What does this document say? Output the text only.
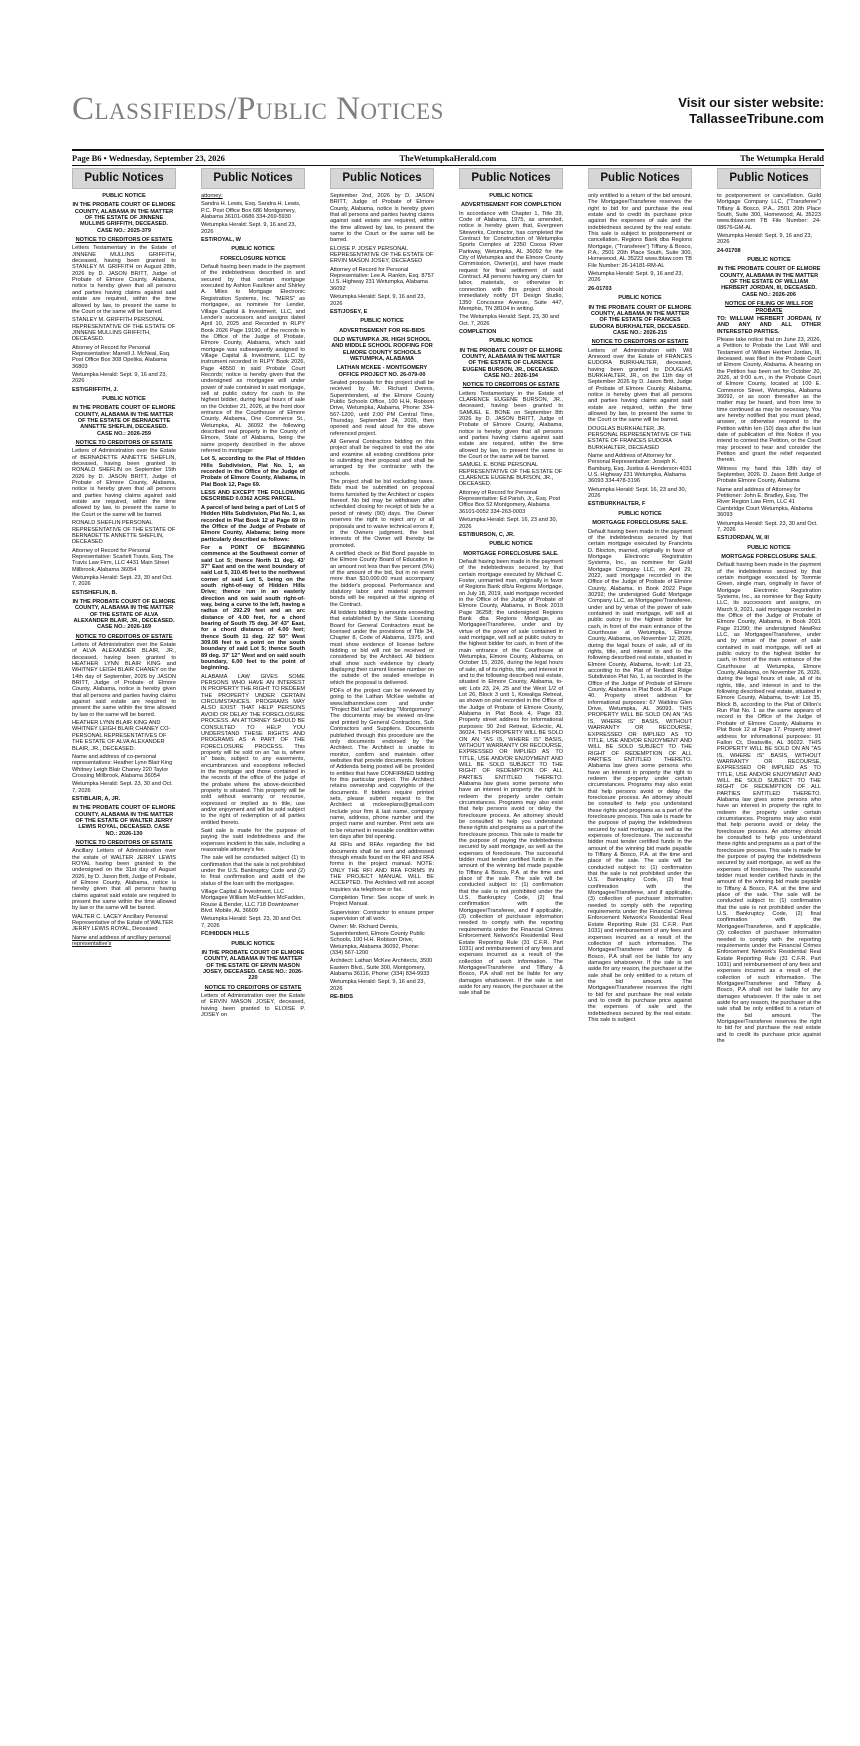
Classifieds/Public Notices	Visit our sister website:
TallasseeTribune.com
Page B6 • Wednesday, September 23, 2026	TheWetumpkaHerald.com	The Wetumpka Herald
Public Notices

PUBLIC NOTICE

IN THE PROBATE COURT OF ELMORE COUNTY, ALABAMA IN THE MATTER OF THE ESTATE OF JINNENE MULLINS GRIFFITH, DECEASED. CASE NO.: 2025-379

NOTICE TO CREDITORS OF ESTATE

Letters Testamentary in the Estate of JINNENE MULLINS GRIFFITH, deceased, having been granted to STANLEY M. GRIFFITH on August 28th, 2026 by D. JASON BRITT, Judge of Probate of Elmore County, Alabama, notice is hereby given that all persons and parties having claims against said estate are required, within the time allowed by law, to present the same to the Court or the same will be barred.

STANLEY M. GRIFFITH PERSONAL REPRESENTATIVE OF THE ESTATE OF JINNENE MULLINS GRIFFITH, DECEASED.

Attorney of Record for Personal Representative: Marrell J. McNeal, Esq. Post Office Box 308 Opelika, Alabama 36803

Wetumpka Herald: Sept. 9, 16 and 23, 2026

EST/GRIFFITH, J.

PUBLIC NOTICE

IN THE PROBATE COURT OF ELMORE COUNTY, ALABAMA IN THE MATTER OF THE ESTATE OF BERNADETTE ANNETTE SHEFLIN, DECEASED. CASE NO.: 2026-259

NOTICE TO CREDITORS OF ESTATE

Letters of Administration over the Estate of BERNADETTE ANNETTE SHEFLIN, deceased, having been granted to RONALD SHEFLIN on September 15th 2026 by D. JASON BRITT, Judge of Probate of Elmore County, Alabama, notice is hereby given that all persons and parties having claims against said estate are required, within the time allowed by law, to present the same to the Court or the same will be barred.

RONALD SHEFLIN PERSONAL REPRESENTATIVE OF THE ESTATE OF BERNADETTE ANNETTE SHEFLIN, DECEASED

Attorney of Record for Personal Representative: Scarlett Travis, Esq. The Travis Law Firm, LLC 4431 Main Street Millbrook, Alabama 36054

Wetumpka Herald: Sept. 23, 30 and Oct. 7, 2026

EST/SHEFLIN, B.

IN THE PROBATE COURT OF ELMORE COUNTY, ALABAMA IN THE MATTER OF THE ESTATE OF ALVA ALEXANDER BLAIR, JR., DECEASED. CASE NO.: 2026-169

NOTICE TO CREDITORS OF ESTATE

Letters of Administration over the Estate of ALVA ALEXANDER BLAIR, JR., deceased, having been granted to HEATHER LYNN BLAIR KING and WHITNEY LEIGH BLAIR CHANEY on the 14th day of September, 2026 by JASON BRITT, Judge of Probate of Elmore County, Alabama, notice is hereby given that all persons and parties having claims against said estate are required to present the same within the time allowed by law or the same will be barred.

HEATHER LYNN BLAIR KING AND WHITNEY LEIGH BLAIR CHANEY CO-PERSONAL REPRESENTATIVES OF THE ESTATE OF ALVA ALEXANDER BLAIR, JR., DECEASED.

Name and address of co-personal representatives: Heather Lynn Blair King Whitney Leigh Blair Chaney 220 Taylor Crossing Millbrook, Alabama 36054

Wetumpka Herald: Sept. 23, 30 and Oct. 7, 2026

EST/BLAIR, A, JR.

IN THE PROBATE COURT OF ELMORE COUNTY, ALABAMA IN THE MATTER OF THE ESTATE OF WALTER JERRY LEWIS ROYAL, DECEASED. CASE NO.: 2026-130

NOTICE TO CREDITORS OF ESTATE

Ancillary Letters of Administration over the estate of WALTER JERRY LEWIS ROYAL having been granted to the undersigned on the 31st day of August 2026, by D. Jason Britt, Judge of Probate, of Elmore County, Alabama, notice is hereby given that all persons having claims against said estate are required to present the same within the time allowed by law or the same will be barred.

WALTER C. LACEY Ancillary Personal Representative of the Estate of WALTER JERRY LEWIS ROYAL, Deceased

Name and address of ancillary personal representative's

Public Notices

attorney:

Sandra H. Lewis, Esq. Sandra H. Lewis, P.C. Post Office Box 686 Montgomery, Alabama 36101-0686 334-269-5930

Wetumpka Herald: Sept. 9, 16 and 23, 2026

EST/ROYAL, W

PUBLIC NOTICE

FORECLOSURE NOTICE

Default having been made in the payment of the indebtedness described in and secured by that certain mortgage executed by Ashton Faulkner and Shirley A. Miles to Mortgage Electronic Registration Systems, Inc. "MERS" as mortgagee, as nominee for Lender, Village Capital & Investment, LLC, and Lender's successors and assigns dated April 10, 2025 and Recorded in RLPY Book 2026 Page 19190, of the records in the Office of the Judge of Probate, Elmore County, Alabama, which said mortgage was subsequently assigned to Village Capital & Investment, LLC by instrument recorded in RLPY Book 2026, Page 48550 in said Probate Court Records; notice is hereby given that the undersigned as mortgagee will under power of sale contained in said mortgage, sell at public outcry for cash to the highest bidder, during legal hours of sale on the October 21, 2026, at the front door entrance of the Courthouse of Elmore County, Alabama, One Commerce St., Wetumpka, AL 36092 the following described real property in the County of Elmore, State of Alabama, being the same property described in the above referred to mortgage:

Lot 5, according to the Plat of Hidden Hills Subdivision, Plat No. 1, as recorded in the Office of the Judge of Probate of Elmore County, Alabama, in Plat Book 12, Page 69.

LESS AND EXCEPT THE FOLLOWING DESCRIBED 0.0362 ACRE PARCEL.

A parcel of land being a part of Lot 5 of Hidden Hills Subdivision, Plat No. 1, as recorded in Plat Book 12 at Page 69 in the Office of the Judge of Probate of Elmore County, Alabama; being more particularly described as follows:

For a POINT OF BEGINNING commence at the Southwest corner of said Lot 5; thence North 11 deg. 43' 37" East and on the west boundary of said Lot 5, 310.45 feet to the northwest corner of said Lot 5, being on the south right-of-way of Hidden Hills Drive; thence run in an easterly direction and on said south right-of-way, being a curve to the left, having a radius of 292.29 feet and an arc distance of 4.00 feet, for a chord bearing of South 75 deg. 34' 43" East, for a chord distance of 4.00 feet; thence South 11 deg. 22' 50" West 309.08 feet to a point on the south boundary of said Lot 5; thence South 89 deg. 37' 12" West and on said south boundary, 6.00 feet to the point of beginning.

ALABAMA LAW GIVES SOME PERSONS WHO HAVE AN INTEREST IN PROPERTY THE RIGHT TO REDEEM THE PROPERTY UNDER CERTAIN CIRCUMSTANCES. PROGRAMS MAY ALSO EXIST THAT HELP PERSONS AVOID OR DELAY THE FORECLOSURE PROCESS. AN ATTORNEY SHOULD BE CONSULTED TO HELP YOU UNDERSTAND THESE RIGHTS AND PROGRAMS AS A PART OF THE FORECLOSURE PROCESS. This property will be sold on an "as is, where is" basis, subject to any easements, encumbrances and exceptions reflected in the mortgage and those contained in the records of the office of the judge of the probate where the above-described property is situated. This property will be sold without warranty or recourse, expressed or implied as to title, use and/or enjoyment and will be sold subject to the right of redemption of all parties entitled thereto.

Said sale is made for the purpose of paying the said indebtedness and the expenses incident to this sale, including a reasonable attorney's fee.

The sale will be conducted subject (1) to confirmation that the sale is not prohibited under the U.S. Bankruptcy Code and (2) to final confirmation and audit of the status of the loan with the mortgagee.

Village Capital & Investment, LLC Mortgagee William McFadden McFadden, Rouse & Bender, LLC 718 Downtowner Blvd. Mobile, AL 36609

Wetumpka Herald: Sept. 23, 30 and Oct. 7, 2026

FC/HIDDEN HILLS

PUBLIC NOTICE

IN THE PROBATE COURT OF ELMORE COUNTY, ALABAMA IN THE MATTER OF THE ESTATE OF ERVIN MASON JOSEY, DECEASED. CASE NO.: 2026-220

NOTICE TO CREDITORS OF ESTATE

Letters of Administration over the Estate of ERVIN MASON JOSEY, deceased, having been granted to ELOISE P. JOSEY on

Public Notices

September 2nd, 2026 by D. JASON BRITT, Judge of Probate of Elmore County, Alabama, notice is hereby given that all persons and parties having claims against said estate are required, within the time allowed by law, to present the same to the Court or the same will be barred.

ELOISE P. JOSEY PERSONAL REPRESENTATIVE OF THE ESTATE OF ERVIN MASON JOSEY, DECEASED

Attorney of Record for Personal Representative: Lee A. Rankin, Esq. 8757 U.S. Highway 231 Wetumpka, Alabama 36092

Wetumpka Herald: Sept. 9, 16 and 23, 2026

EST/JOSEY, E

PUBLIC NOTICE

ADVERTISEMENT FOR RE-BIDS

OLD WETUMPKA JR. HIGH SCHOOL AND MIDDLE SCHOOL ROOFING FOR ELMORE COUNTY SCHOOLS WETUMPKA, ALABAMA

LATHAN MCKEE - MONTGOMERY OFFICE PROJECT NO. 26-079-00

Sealed proposals for this project shall be received by Mr. Richard Dennis, Superintendent, at the Elmore County Public Schools Office, 100 H.H. Robison Drive, Wetumpka, Alabama, Phone: 334-567-1200, until 2:00 PM Central Time, Thursday, September 24, 2026, then opened and read aloud for the above referenced project.

All General Contractors bidding on this project shall be required to visit the site and examine all existing conditions prior to submitting their proposal and shall be arranged by the contractor with the schools.

The project shall be bid excluding taxes. Bids must be submitted on proposal forms furnished by the Architect or copies thereof. No bid may be withdrawn after scheduled closing for receipt of bids for a period of ninety (90) days. The Owner reserves the right to reject any or all proposals and to waive technical errors if, in the Owners judgment, the best interests of the Owner will thereby be promoted.

A certified check or Bid Bond payable to the Elmore County Board of Education in an amount not less than five percent (5%) of the amount of the bid, but in no event more than $10,000.00 must accompany the bidder's proposal. Performance and statutory labor and material payment bonds will be required at the signing of the Contract.

All bidders bidding in amounts exceeding that established by the State Licensing Board for General Contractors must be licensed under the provisions of Title 34, Chapter 8, Code of Alabama, 1975, and must show evidence of license before bidding or bid will not be received or considered by the Architect. All bidders shall show such evidence by clearly displaying their current license number on the outside of the sealed envelope in which the proposal is delivered.

PDFs of the project can be reviewed by going to the Lathan McKee website at www.lathanmckee.com and under "Project Bid List" selecting "Montgomery". The documents may be viewed on-line and printed by General Contractors, Sub Contractors and Suppliers. Documents published through this procedure are the only documents endorsed by the Architect. The Architect is unable to monitor, confirm and maintain other websites that provide documents. Notices of Addenda being posted will be provided to entities that have CONFIRMED bidding for this particular project. The Architect retains ownership and copyrights of the documents. If bidders require printed sets, please submit request to the Architect at mckeeplans@gmail.com Include your firm & last name, company name, address, phone number and the project name and number. Print sets are to be returned in reusable condition within ten days after bid opening.

All RFIs and RFAs regarding the bid documents shall be sent and addressed through emails found on the RFI and RFA forms in the project manual. NOTE: ONLY THE RFI AND RFA FORMS IN THE PROJECT MANUAL WILL BE ACCEPTED. The Architect will not accept inquiries via telephone or fax.

Completion Time: See scope of work in Project Manual.

Supervision: Contractor to ensure proper supervision of all work.

Owner: Mr. Richard Dennis, Superintendent, Elmore County Public Schools, 100 H.H. Robison Drive, Wetumpka, Alabama 36092, Phone: (334) 567-1200

Architect: Lathan McKee Architects, 3500 Eastern Blvd., Suite 300, Montgomery, Alabama 36116, Phone: (334) 834-9933

Wetumpka Herald: Sept. 9, 16 and 23, 2026

RE-BIDS

Public Notices

PUBLIC NOTICE

ADVERTISEMENT FOR COMPLETION

In accordance with Chapter 1, Title 39, Code of Alabama, 1975, as amended, notice is hereby given that, Evergreen Siteworks, Contractor, has completed the Contract for Construction of Wetumpka Sports Complex at 2350 Coosa River Parkway, Wetumpka, AL 36092 for the City of Wetumpka and the Elmore County Commission, Owner(s), and have made request for final settlement of said Contract. All persons having any claim for labor, materials, or otherwise in connection with this project should immediately notify DT Design Studio, 1350 Concourse Avenue, Suite 447, Memphis, TN 38104 in writing.

The Wetumpka Herald: Sept. 23, 30 and Oct. 7, 2026

COMPLETION

PUBLIC NOTICE

IN THE PROBATE COURT OF ELMORE COUNTY, ALABAMA IN THE MATTER OF THE ESTATE OF CLARENCE EUGENE BURSON, JR., DECEASED. CASE NO.: 2026-194

NOTICE TO CREDITORS OF ESTATE

Letters Testamentary in the Estate of CLARENCE EUGENE BURSON, JR., deceased, having been granted to SAMUEL E. BONE on September 8th 2026 by D. JASON BRITT, Judge of Probate of Elmore County, Alabama, notice is hereby given that all persons and parties having claims against said estate are required, within the time allowed by law, to present the same to the Court or the same will be barred.

SAMUEL E. BONE PERSONAL REPRESENTATIVE OF THE ESTATE OF CLARENCE EUGENE BURSON, JR., DECEASED.

Attorney of Record for Personal Representative: Ed Parish, Jr., Esq. Post Office Box 52 Montgomery, Alabama 36101-0052 334-263-0003

Wetumpka Herald: Sept. 16, 23 and 30, 2026

EST/BURSON, C, JR.

PUBLIC NOTICE

MORTGAGE FORECLOSURE SALE.

Default having been made in the payment of the indebtedness secured by that certain mortgage executed by Michael C. Foster, unmarried man, originally in favor of Regions Bank d/b/a Regions Mortgage, on July 18, 2019, said mortgage recorded in the Office of the Judge of Probate of Elmore County, Alabama, in Book 2019 Page 36258; the undersigned Regions Bank dba Regions Mortgage, as Mortgagee/Transferee, under and by virtue of the power of sale contained in said mortgage, will sell at public outcry to the highest bidder for cash, in front of the main entrance of the Courthouse at Wetumpka, Elmore County, Alabama, on October 15, 2026, during the legal hours of sale, all of its rights, title, and interest in and to the following described real estate, situated in Elmore County, Alabama, to-wit: Lots 23, 24, 25 and the West 1/2 of Lot 26, Block 3 unit 1, Kowaliga Retreat, as shown on plat recorded in the Office of the Judge of Probate of Elmore County, Alabama in Plat Book 4, Page 83. Property street address for informational purposes: 90 2nd Retreat, Eclectic, AL 36024. THIS PROPERTY WILL BE SOLD ON AN "AS IS, WHERE IS" BASIS, WITHOUT WARRANTY OR RECOURSE, EXPRESSED OR IMPLIED AS TO TITLE, USE AND/OR ENJOYMENT AND WILL BE SOLD SUBJECT TO THE RIGHT OF REDEMPTION OF ALL PARTIES ENTITLED THERETO. Alabama law gives some persons who have an interest in property the right to redeem the property under certain circumstances. Programs may also exist that help persons avoid or delay the foreclosure process. An attorney should be consulted to help you understand these rights and programs as a part of the foreclosure process. This sale is made for the purpose of paying the indebtedness secured by said mortgage, as well as the expenses of foreclosure. The successful bidder must tender certified funds in the amount of the winning bid made payable to Tiffany & Bosco, P.A. at the time and place of the sale. The sale will be conducted subject to: (1) confirmation that the sale is not prohibited under the U.S. Bankruptcy Code, (2) final confirmation with the Mortgagee/Transferee, and if applicable, (3) collection of purchaser information needed to comply with the reporting requirements under the Financial Crimes Enforcement Network's Residential Real Estate Reporting Rule (31 C.F.R. Part 1031) and reimbursement of any fees and expenses incurred as a result of the collection of such information. The Mortgagee/Transferee and Tiffany & Bosco, P.A shall not be liable for any damages whatsoever. If the sale is set aside for any reason, the purchaser at the sale shall be

Public Notices

only entitled to a return of the bid amount. The Mortgagee/Transferee reserves the right to bid for and purchase the real estate and to credit its purchase price against the expenses of sale and the indebtedness secured by the real estate. This sale is subject to postponement or cancellation. Regions Bank dba Regions Mortgage, ("Transferee") Tiffany & Bosco, P.A., 2501 20th Place South, Suite 300, Homewood, AL 35223 www.tblaw.com TB File Number: 26-14181-RM-AL

Wetumpka Herald: Sept. 9, 16 and 23, 2026

26-01703

PUBLIC NOTICE

IN THE PROBATE COURT OF ELMORE COUNTY, ALABAMA IN THE MATTER OF THE ESTATE OF FRANCES EUDORA BURKHALTER, DECEASED. CASE NO.: 2026-215

NOTICE TO CREDITORS OF ESTATE

Letters of Administration with Will Annexed over the Estate of FRANCES EUDORA BURKHALTER, deceased, having been granted to DOUGLAS BURKHALTER, JR., on the 11th day of September 2026 by D. Jason Britt, Judge of Probate of Elmore County, Alabama, notice is hereby given that all persons and parties having claims against said estate are required, within the time allowed by law, to present the same to the Court or the same will be barred.

DOUGLAS BURKHALTER, JR. PERSONAL REPRESENTATIVE OF THE ESTATE OF FRANCES EUDORA BURKHALTER, DECEASED

Name and Address of Attorney for Personal Representative: Joseph K. Bamburg, Esq. Justiss & Henderson 4031 U.S. Highway 231 Wetumpka, Alabama 36093 334-478-3196

Wetumpka Herald: Sept. 16, 23 and 30, 2026

EST/BURKHALTER, F

PUBLIC NOTICE

MORTGAGE FORECLOSURE SALE.

Default having been made in the payment of the indebtedness secured by that certain mortgage executed by Francinta D. Blocton, married, originally in favor of Mortgage Electronic Registration Systems, Inc., as nominee for Guild Mortgage Company LLC, on April 29, 2022, said mortgage recorded in the Office of the Judge of Probate of Elmore County, Alabama, in Book 2022 Page 30292; the undersigned Guild Mortgage Company LLC, as Mortgagee/Transferee, under and by virtue of the power of sale contained in said mortgage, will sell at public outcry to the highest bidder for cash, in front of the main entrance of the Courthouse at Wetumpka, Elmore County, Alabama, on November 12, 2026, during the legal hours of sale, all of its rights, title, and interest in and to the following described real estate, situated in Elmore County, Alabama, to-wit: Lot 23, according to the Plat of Redland Ridge Subdivision Plat No. 1, as recorded in the Office of the Judge of Probate of Elmore County, Alabama in Plat Book 26 at Page 40. Property street address for informational purposes: 67 Watkins Glen Drive, Wetumpka, AL 36093. THIS PROPERTY WILL BE SOLD ON AN "AS IS, WHERE IS" BASIS, WITHOUT WARRANTY OR RECOURSE, EXPRESSED OR IMPLIED AS TO TITLE, USE AND/OR ENJOYMENT AND WILL BE SOLD SUBJECT TO THE RIGHT OF REDEMPTION OF ALL PARTIES ENTITLED THERETO. Alabama law gives some persons who have an interest in property the right to redeem the property under certain circumstances. Programs may also exist that help persons avoid or delay the foreclosure process. An attorney should be consulted to help you understand these rights and programs as a part of the foreclosure process. This sale is made for the purpose of paying the indebtedness secured by said mortgage, as well as the expenses of foreclosure. The successful bidder must tender certified funds in the amount of the winning bid made payable to Tiffany & Bosco, P.A. at the time and place of the sale. The sale will be conducted subject to: (1) confirmation that the sale is not prohibited under the U.S. Bankruptcy Code, (2) final confirmation with the Mortgagee/Transferee, and if applicable, (3) collection of purchaser information needed to comply with the reporting requirements under the Financial Crimes Enforcement Network's Residential Real Estate Reporting Rule (31 C.F.R. Part 1031) and reimbursement of any fees and expenses incurred as a result of the collection of such information. The Mortgagee/Transferee and Tiffany & Bosco, P.A shall not be liable for any damages whatsoever. If the sale is set aside for any reason, the purchaser at the sale shall be only entitled to a return of the bid amount. The Mortgagee/Transferee reserves the right to bid for and purchase the real estate and to credit its purchase price against the expenses of sale and the indebtedness secured by the real estate. This sale is subject

Public Notices

to postponement or cancellation. Guild Mortgage Company LLC, ("Transferee") Tiffany & Bosco, P.A., 2501 20th Place South, Suite 300, Homewood, AL 35223 www.tblaw.com TB File Number: 24-08676-GM-AL

Wetumpka Herald: Sept. 9, 16 and 23, 2026

24-01708

PUBLIC NOTICE

IN THE PROBATE COURT OF ELMORE COUNTY, ALABAMA IN THE MATTER OF THE ESTATE OF WILLIAM HERBERT JORDAN, III, DECEASED. CASE NO.: 2026-206

NOTICE OF FILING OF WILL FOR PROBATE

TO: WILLIAM HERBERT JORDAN, IV AND ANY AND ALL OTHER INTERESTED PARTIES.

Please take notice that on June 23, 2026, a Petition to Probate the Last Will and Testament of William Herbert Jordan, III, deceased, was filed in the Probate Court of Elmore County, Alabama. A hearing on the Petition has been set for October 20, 2026, at 9:00 a.m., in the Probate Court of Elmore County, located at 100 E. Commerce Street, Wetumpka, Alabama 36092, or as soon thereafter as the matter may be heard, and from time to time continued as may be necessary. You are hereby notified that you must plead, answer, or otherwise respond to the Petition within ten (10) days after the last date of publication of this Notice if you intend to contest the Petition, or the Court may proceed to hear and consider the Petition and grant the relief requested therein.

Witness my hand this 18th day of September, 2026. D. Jason Britt Judge of Probate Elmore County, Alabama

Name and address of Attorney for Petitioner: John E. Bradley, Esq. The River Region Law Firm, LLC 41 Cambridge Court Wetumpka, Alabama 36093

Wetumpka Herald: Sept. 23, 30 and Oct. 7, 2026

EST/JORDAN, W, III

PUBLIC NOTICE

MORTGAGE FORECLOSURE SALE.

Default having been made in the payment of the indebtedness secured by that certain mortgage executed by Tommie Green, single man, originally in favor of Mortgage Electronic Registration Systems, Inc., as nominee for Bay Equity LLC, its successors and assigns, on March 9, 2021, said mortgage recorded in the Office of the Judge of Probate of Elmore County, Alabama, in Book 2021 Page 21290; the undersigned NewRez LLC, as Mortgagee/Transferee, under and by virtue of the power of sale contained in said mortgage, will sell at public outcry to the highest bidder for cash, in front of the main entrance of the Courthouse at Wetumpka, Elmore County, Alabama, on November 26, 2026, during the legal hours of sale, all of its rights, title, and interest in and to the following described real estate, situated in Elmore County, Alabama, to-wit: Lot 35, Block B, according to the Plat of Dillon's Run Plat No. 1 as the same appears of record in the Office of the Judge of Probate of Elmore County, Alabama in Plat Book 12 at Page 17. Property street address for informational purposes: 91 Fallon Ct, Deatsville, AL 36022. THIS PROPERTY WILL BE SOLD ON AN "AS IS, WHERE IS" BASIS, WITHOUT WARRANTY OR RECOURSE, EXPRESSED OR IMPLIED AS TO TITLE, USE AND/OR ENJOYMENT AND WILL BE SOLD SUBJECT TO THE RIGHT OF REDEMPTION OF ALL PARTIES ENTITLED THERETO. Alabama law gives some persons who have an interest in property the right to redeem the property under certain circumstances. Programs may also exist that help persons avoid or delay the foreclosure process. An attorney should be consulted to help you understand these rights and programs as a part of the foreclosure process. This sale is made for the purpose of paying the indebtedness secured by said mortgage, as well as the expenses of foreclosure. The successful bidder must tender certified funds in the amount of the winning bid made payable to Tiffany & Bosco, P.A. at the time and place of the sale. The sale will be conducted subject to: (1) confirmation that the sale is not prohibited under the U.S. Bankruptcy Code, (2) final confirmation with the Mortgagee/Transferee, and if applicable, (3) collection of purchaser information needed to comply with the reporting requirements under the Financial Crimes Enforcement Network's Residential Real Estate Reporting Rule (31 C.F.R. Part 1031) and reimbursement of any fees and expenses incurred as a result of the collection of such information. The Mortgagee/Transferee and Tiffany & Bosco, P.A shall not be liable for any damages whatsoever. If the sale is set aside for any reason, the purchaser at the sale shall be only entitled to a return of the bid amount. The Mortgagee/Transferee reserves the right to bid for and purchase the real estate and to credit its purchase price against the
